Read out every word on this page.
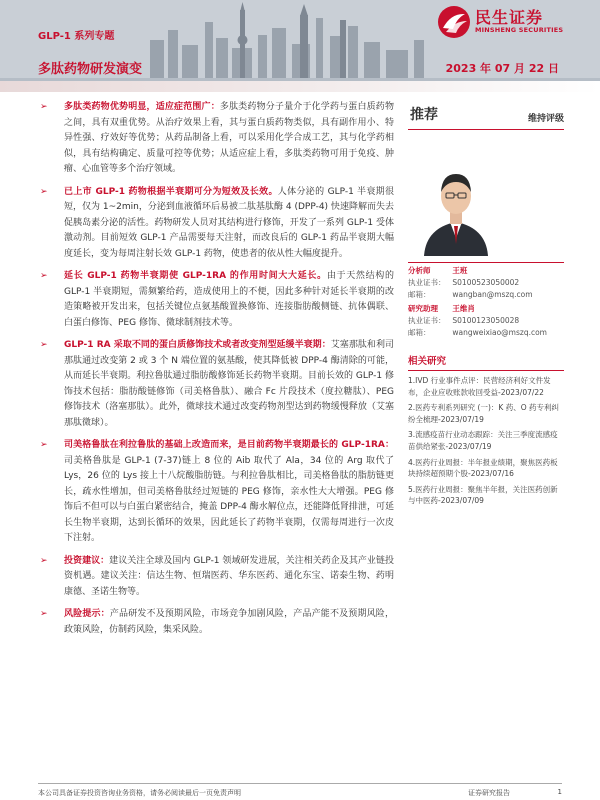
GLP-1 系列专题
多肽药物研发演变	2023 年 07 月 22 日
民生证券
MINSHENG SECURITIES
➢ 多肽类药物优势明显，适应症范围广：多肽类药物分子量介于化学药与蛋白质药物之间，具有双重优势。从治疗效果上看，其与蛋白质药物类似，具有副作用小、特异性强、疗效好等优势；从药品制备上看，可以采用化学合成工艺，其与化学药相似，具有结构确定、质量可控等优势；从适应症上看，多肽类药物可用于免疫、肿瘤、心血管等多个治疗领域。
➢ 已上市 GLP-1 药物根据半衰期可分为短效及长效。人体分泌的 GLP-1 半衰期很短，仅为 1~2min，分泌到血液循环后易被二肽基肽酶 4 (DPP-4) 快速降解而失去促胰岛素分泌的活性。药物研发人员对其结构进行修饰，开发了一系列 GLP-1 受体激动剂。目前短效 GLP-1 产品需要每天注射，而改良后的 GLP-1 药品半衰期大幅度延长，变为每周注射长效 GLP-1 药物，使患者的依从性大幅度提升。
➢ 延长 GLP-1 药物半衰期使 GLP-1RA 的作用时间大大延长。由于天然结构的 GLP-1 半衰期短，需频繁给药，造成使用上的不便，因此多种针对延长半衰期的改造策略被开发出来，包括关键位点氨基酸置换修饰、连接脂肪酸侧链、抗体偶联、白蛋白修饰、PEG 修饰、微球制剂技术等。
➢ GLP-1 RA 采取不同的蛋白质修饰技术或者改变剂型延缓半衰期：艾塞那肽和利司那肽通过改变第 2 或 3 个 N 端位置的氨基酸，使其降低被 DPP-4 酶清除的可能，从而延长半衰期。利拉鲁肽通过脂肪酸修饰延长药物半衰期。目前长效的 GLP-1 修饰技术包括：脂肪酸链修饰（司美格鲁肽）、融合 Fc 片段技术（度拉糖肽）、PEG 修饰技术（洛塞那肽）。此外，微球技术通过改变药物剂型达到药物缓慢释放（艾塞那肽微球）。
➢ 司美格鲁肽在利拉鲁肽的基础上改造而来，是目前药物半衰期最长的 GLP-1RA：司美格鲁肽是 GLP-1 (7-37)链上 8 位的 Aib 取代了 Ala，34 位的 Arg 取代了 Lys，26 位的 Lys 接上十八烷酸脂肪链。与利拉鲁肽相比，司美格鲁肽的脂肪链更长，疏水性增加，但司美格鲁肽经过短链的 PEG 修饰，亲水性大大增强。PEG 修饰后不但可以与白蛋白紧密结合，掩盖 DPP-4 酶水解位点，还能降低肾排泄，可延长生物半衰期，达到长循环的效果，因此延长了药物半衰期，仅需每周进行一次皮下注射。
➢ 投资建议：建议关注全球及国内 GLP-1 领域研发进展，关注相关药企及其产业链投资机遇。建议关注：信达生物、恒瑞医药、华东医药、通化东宝、诺泰生物、药明康德、圣诺生物等。
➢ 风险提示：产品研发不及预期风险，市场竞争加剧风险，产品产能不及预期风险，政策风险，仿制药风险，集采风险。
推荐	维持评级
分析师	王班
执业证书： S0100523050002
邮箱：	wangban@mszq.com
研究助理 王维肖
执业证书： S0100123050028
邮箱：	wangweixiao@mszq.com
相关研究
1.IVD 行业事件点评：民营经济利好文件发布，企业应收账款收回受益-2023/07/22
2.医药专利系列研究 (一)：K 药、O 药专利纠纷全梳理-2023/07/19
3.流感疫苗行业动态跟踪：关注三季度流感疫苗供给紧张-2023/07/19
4.医药行业周报：半年报业绩期，聚焦医药板块持续超预期个股-2023/07/16
5.医药行业周报：聚焦半年报，关注医药创新与中医药-2023/07/09
本公司具备证券投资咨询业务资格，请务必阅读最后一页免责声明	证券研究报告	1
